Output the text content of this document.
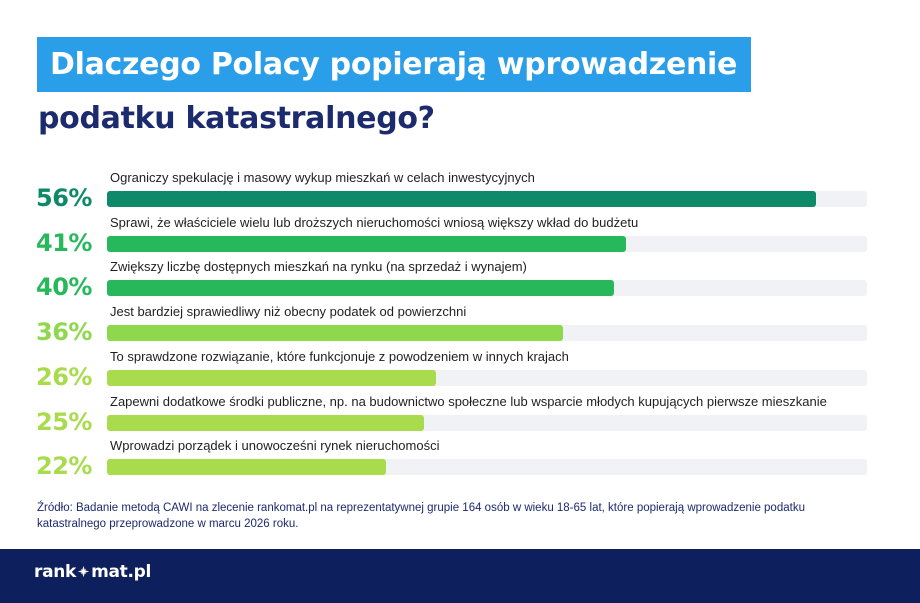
Dlaczego Polacy popierają wprowadzenie
podatku katastralnego?
56%
Ograniczy spekulację i masowy wykup mieszkań w celach inwestycyjnych
41%
Sprawi, że właściciele wielu lub droższych nieruchomości wniosą większy wkład do budżetu
40%
Zwiększy liczbę dostępnych mieszkań na rynku (na sprzedaż i wynajem)
36%
Jest bardziej sprawiedliwy niż obecny podatek od powierzchni
26%
To sprawdzone rozwiązanie, które funkcjonuje z powodzeniem w innych krajach
25%
Zapewni dodatkowe środki publiczne, np. na budownictwo społeczne lub wsparcie młodych kupujących pierwsze mieszkanie
22%
Wprowadzi porządek i unowocześni rynek nieruchomości
Źródło: Badanie metodą CAWI na zlecenie rankomat.pl na reprezentatywnej grupie 164 osób w wieku 18-65 lat, które popierają wprowadzenie podatku katastralnego przeprowadzone w marcu 2026 roku.
rank mat.pl
